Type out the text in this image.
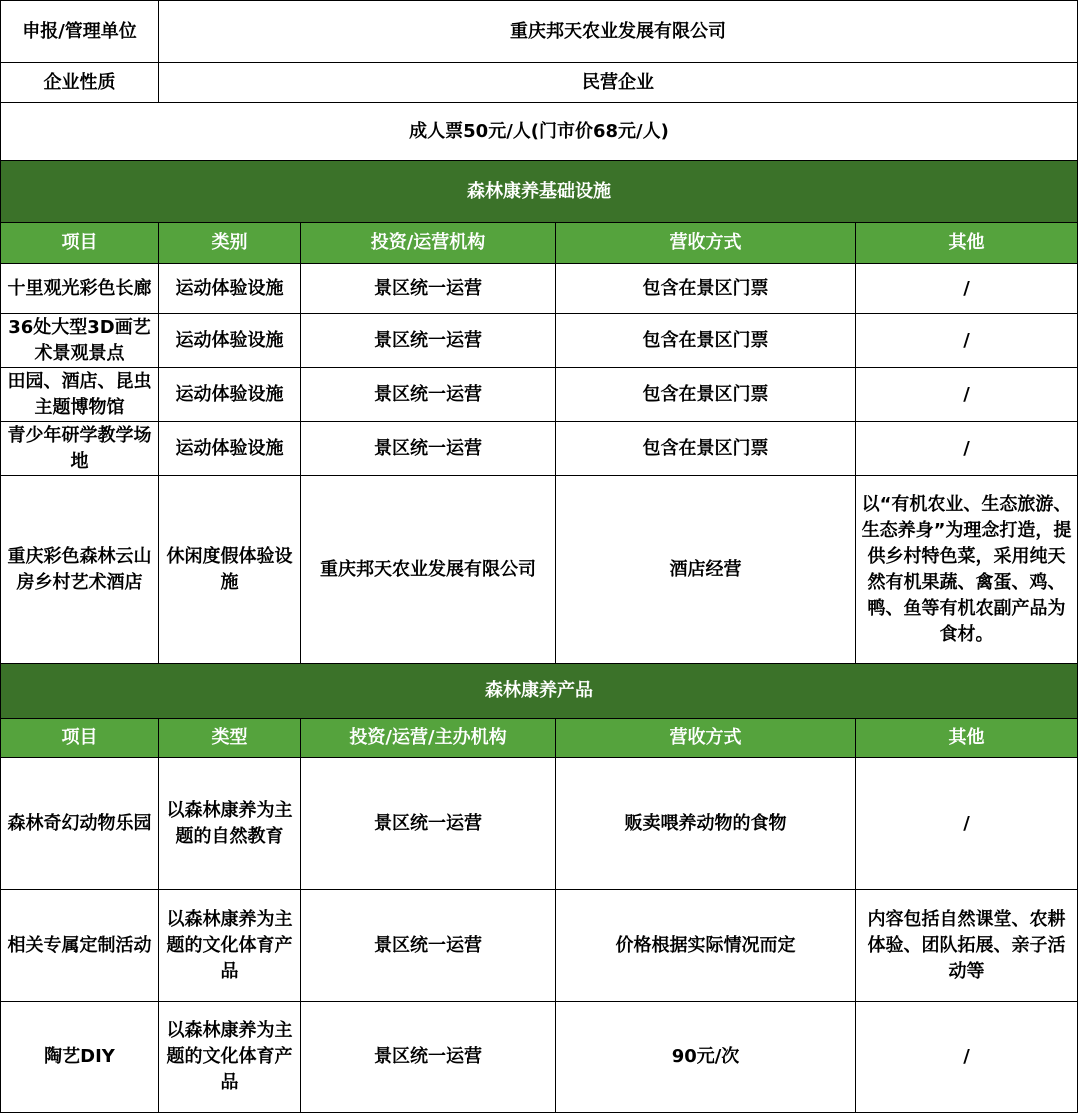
申报/管理单位	重庆邦天农业发展有限公司			
企业性质	民营企业			
成人票50元/人(门市价68元/人)				
森林康养基础设施				
项目	类别	投资/运营机构	营收方式	其他
十里观光彩色长廊	运动体验设施	景区统一运营	包含在景区门票	/
36处大型3D画艺术景观景点	运动体验设施	景区统一运营	包含在景区门票	/
田园、酒店、昆虫主题博物馆	运动体验设施	景区统一运营	包含在景区门票	/
青少年研学教学场地	运动体验设施	景区统一运营	包含在景区门票	/
重庆彩色森林云山房乡村艺术酒店	休闲度假体验设施	重庆邦天农业发展有限公司	酒店经营	以“有机农业、生态旅游、生态养身”为理念打造，提供乡村特色菜，采用纯天然有机果蔬、禽蛋、鸡、鸭、鱼等有机农副产品为食材。
森林康养产品				
项目	类型	投资/运营/主办机构	营收方式	其他
森林奇幻动物乐园	以森林康养为主题的自然教育	景区统一运营	贩卖喂养动物的食物	/
相关专属定制活动	以森林康养为主题的文化体育产品	景区统一运营	价格根据实际情况而定	内容包括自然课堂、农耕体验、团队拓展、亲子活动等
陶艺DIY	以森林康养为主题的文化体育产品	景区统一运营	90元/次	/
